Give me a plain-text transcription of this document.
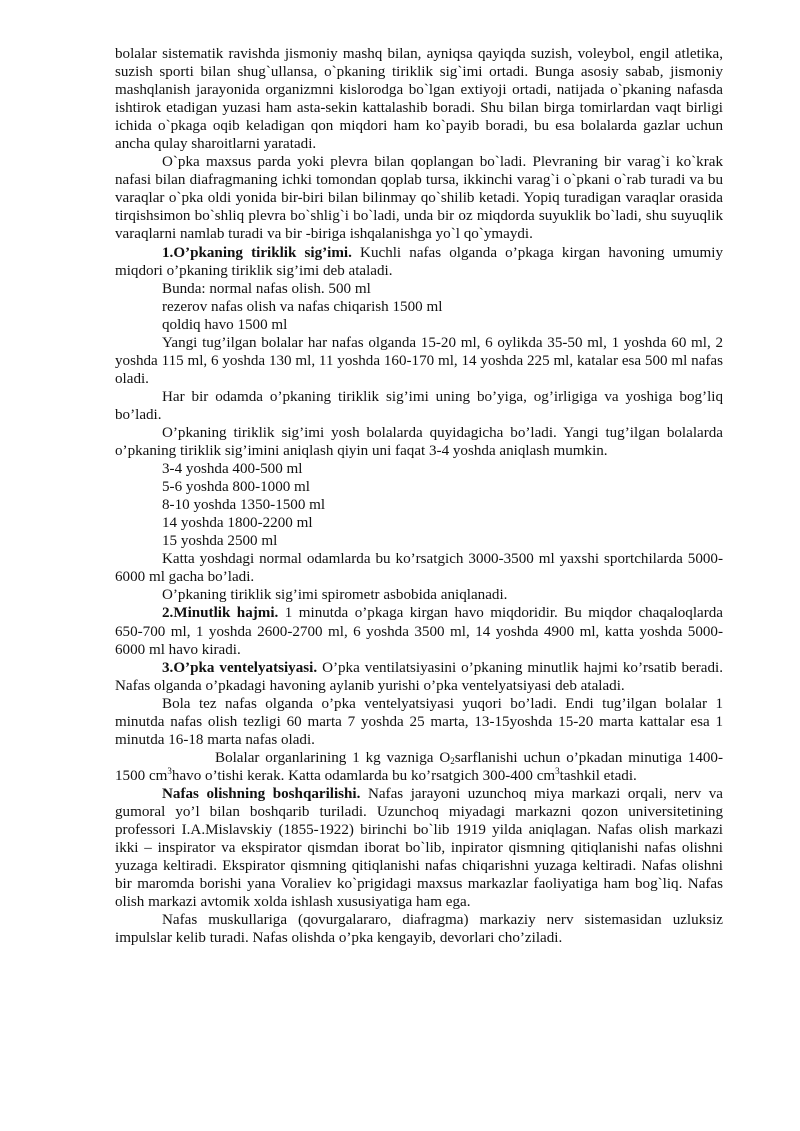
bolalar sistematik ravishda jismoniy mashq bilan, ayniqsa qayiqda suzish, voleybol, engil atletika, suzish sporti bilan shug`ullansa, o`pkaning tiriklik sig`imi ortadi. Bunga asosiy sabab, jismoniy mashqlanish jarayonida organizmni kislorodga bo`lgan extiyoji ortadi, natijada o`pkaning nafasda ishtirok etadigan yuzasi ham asta-sekin kattalashib boradi. Shu bilan birga tomirlardan vaqt birligi ichida o`pkaga oqib keladigan qon miqdori ham ko`payib boradi, bu esa bolalarda gazlar uchun ancha qulay sharoitlarni yaratadi.

O`pka maxsus parda yoki plevra bilan qoplangan bo`ladi. Plevraning bir varag`i ko`krak nafasi bilan diafragmaning ichki tomondan qoplab tursa, ikkinchi varag`i o`pkani o`rab turadi va bu varaqlar o`pka oldi yonida bir-biri bilan bilinmay qo`shilib ketadi. Yopiq turadigan varaqlar orasida tirqishsimon bo`shliq plevra bo`shlig`i bo`ladi, unda bir oz miqdorda suyuklik bo`ladi, shu suyuqlik varaqlarni namlab turadi va bir -biriga ishqalanishga yo`l qo`ymaydi.

1.O’pkaning tiriklik sig’imi. Kuchli nafas olganda o’pkaga kirgan havoning umumiy miqdori o’pkaning tiriklik sig’imi deb ataladi.

Bunda: normal nafas olish. 500 ml

rezerov nafas olish va nafas chiqarish 1500 ml

qoldiq havo 1500 ml

Yangi tug’ilgan bolalar har nafas olganda 15-20 ml, 6 oylikda 35-50 ml, 1 yoshda 60 ml, 2 yoshda 115 ml, 6 yoshda 130 ml, 11 yoshda 160-170 ml, 14 yoshda 225 ml, katalar esa 500 ml nafas oladi.

Har bir odamda o’pkaning tiriklik sig’imi uning bo’yiga, og’irligiga va yoshiga bog’liq bo’ladi.

O’pkaning tiriklik sig’imi yosh bolalarda quyidagicha bo’ladi. Yangi tug’ilgan bolalarda o’pkaning tiriklik sig’imini aniqlash qiyin uni faqat 3-4 yoshda aniqlash mumkin.

3-4 yoshda 400-500 ml

5-6 yoshda 800-1000 ml

8-10 yoshda 1350-1500 ml

14 yoshda 1800-2200 ml

15 yoshda 2500 ml

Katta yoshdagi normal odamlarda bu ko’rsatgich 3000-3500 ml yaxshi sportchilarda 5000-6000 ml gacha bo’ladi.

O’pkaning tiriklik sig’imi spirometr asbobida aniqlanadi.

2.Minutlik hajmi. 1 minutda o’pkaga kirgan havo miqdoridir. Bu miqdor chaqaloqlarda 650-700 ml, 1 yoshda 2600-2700 ml, 6 yoshda 3500 ml, 14 yoshda 4900 ml, katta yoshda 5000-6000 ml havo kiradi.

3.O’pka ventelyatsiyasi. O’pka ventilatsiyasini o’pkaning minutlik hajmi ko’rsatib beradi. Nafas olganda o’pkadagi havoning aylanib yurishi o’pka ventelyatsiyasi deb ataladi.

Bola tez nafas olganda o’pka ventelyatsiyasi yuqori bo’ladi. Endi tug’ilgan bolalar 1 minutda nafas olish tezligi 60 marta 7 yoshda 25 marta, 13-15yoshda 15-20 marta kattalar esa 1 minutda 16-18 marta nafas oladi.

Bolalar organlarining 1 kg vazniga $O_2sarflanishi$ uchun o’pkadan minutiga 1400-1500 $cm^3havo$ o’tishi kerak. Katta odamlarda bu ko’rsatgich 300-400 $cm^3tashkil$ etadi.

Nafas olishning boshqarilishi. Nafas jarayoni uzunchoq miya markazi orqali, nerv va gumoral yo’l bilan boshqarib turiladi. Uzunchoq miyadagi markazni qozon universitetining professori I.A.Mislavskiy (1855-1922) birinchi bo`lib 1919 yilda aniqlagan. Nafas olish markazi ikki – inspirator va ekspirator qismdan iborat bo`lib, inpirator qismning qitiqlanishi nafas olishni yuzaga keltiradi. Ekspirator qismning qitiqlanishi nafas chiqarishni yuzaga keltiradi. Nafas olishni bir maromda borishi yana Voraliev ko`prigidagi maxsus markazlar faoliyatiga ham bog`liq. Nafas olish markazi avtomik xolda ishlash xususiyatiga ham ega.

Nafas muskullariga (qovurgalararo, diafragma) markaziy nerv sistemasidan uzluksiz impulslar kelib turadi. Nafas olishda o’pka kengayib, devorlari cho’ziladi.
